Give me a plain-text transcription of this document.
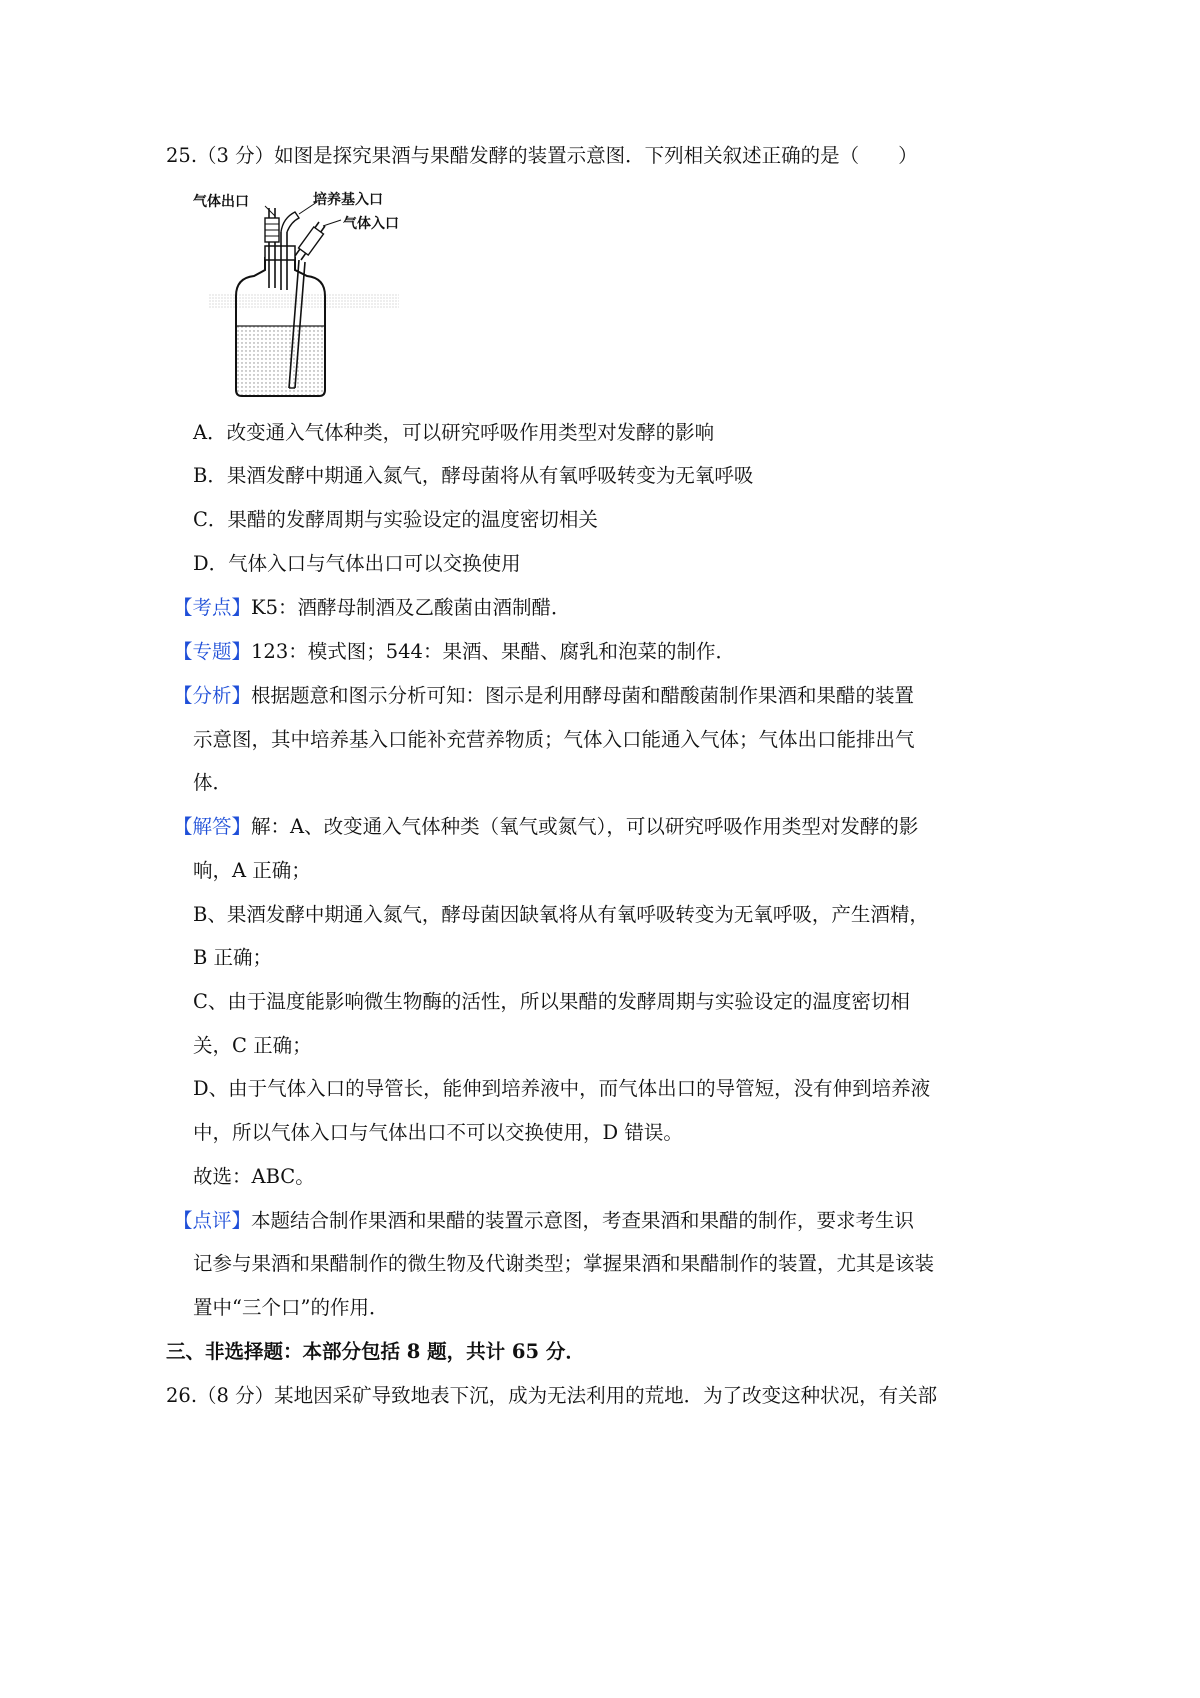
25.（3 分）如图是探究果酒与果醋发酵的装置示意图．下列相关叙述正确的是（　　）
气体出口	培养基入口
气体入口
A．改变通入气体种类，可以研究呼吸作用类型对发酵的影响
B．果酒发酵中期通入氮气，酵母菌将从有氧呼吸转变为无氧呼吸
C．果醋的发酵周期与实验设定的温度密切相关
D．气体入口与气体出口可以交换使用
【考点】K5：酒酵母制酒及乙酸菌由酒制醋．
【专题】123：模式图；544：果酒、果醋、腐乳和泡菜的制作．
【分析】根据题意和图示分析可知：图示是利用酵母菌和醋酸菌制作果酒和果醋的装置
示意图，其中培养基入口能补充营养物质；气体入口能通入气体；气体出口能排出气
体．
【解答】解：A、改变通入气体种类（氧气或氮气），可以研究呼吸作用类型对发酵的影
响，A 正确；
B、果酒发酵中期通入氮气，酵母菌因缺氧将从有氧呼吸转变为无氧呼吸，产生酒精，
B 正确；
C、由于温度能影响微生物酶的活性，所以果醋的发酵周期与实验设定的温度密切相
关，C 正确；
D、由于气体入口的导管长，能伸到培养液中，而气体出口的导管短，没有伸到培养液
中，所以气体入口与气体出口不可以交换使用，D 错误。
故选：ABC。
【点评】本题结合制作果酒和果醋的装置示意图，考查果酒和果醋的制作，要求考生识
记参与果酒和果醋制作的微生物及代谢类型；掌握果酒和果醋制作的装置，尤其是该装
置中“三个口”的作用．
三、非选择题：本部分包括 8 题，共计 65 分．
26.（8 分）某地因采矿导致地表下沉，成为无法利用的荒地．为了改变这种状况，有关部
